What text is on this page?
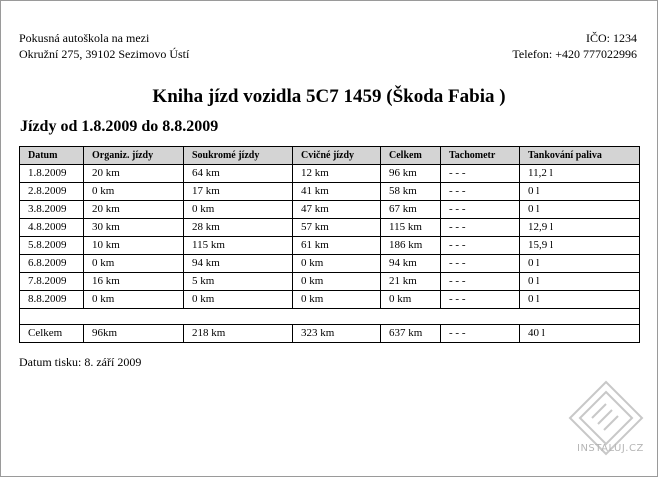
Pokusná autoškola na mezi
Okružní 275, 39102 Sezimovo Ústí
IČO: 1234
Telefon: +420 777022996
Kniha jízd vozidla 5C7 1459 (Škoda Fabia )
Jízdy od 1.8.2009 do 8.8.2009
Datum	Organiz. jízdy	Soukromé jízdy	Cvičné jízdy	Celkem	Tachometr	Tankování paliva
1.8.2009	20 km	64 km	12 km	96 km	- - -	11,2 l
2.8.2009	0 km	17 km	41 km	58 km	- - -	0 l
3.8.2009	20 km	0 km	47 km	67 km	- - -	0 l
4.8.2009	30 km	28 km	57 km	115 km	- - -	12,9 l
5.8.2009	10 km	115 km	61 km	186 km	- - -	15,9 l
6.8.2009	0 km	94 km	0 km	94 km	- - -	0 l
7.8.2009	16 km	5 km	0 km	21 km	- - -	0 l
8.8.2009	0 km	0 km	0 km	0 km	- - -	0 l

Celkem	96km	218 km	323 km	637 km	- - -	40 l
Datum tisku: 8. září 2009
INSTALUJ.CZ
